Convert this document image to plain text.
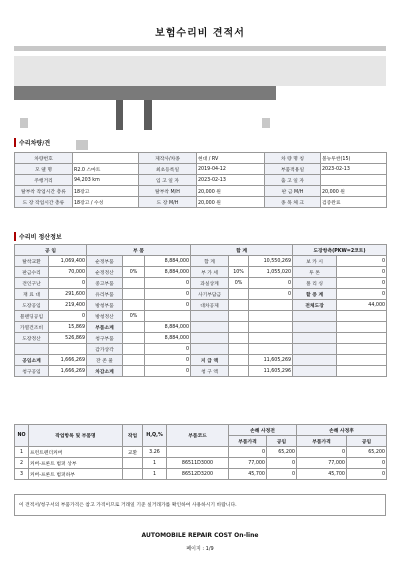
보험수리비 견적서
수리차량/견
차량번호		제작사/차종	현대 / RV	차 량 명 칭	볼뉴투싼(15)
모 델 명	R2.0 스마트	최초등록일	2019-04-12	부품적용일	2023-02-13
주행거리	94,203 km	입 고 일 자	2023-02-13	출 고 일 자	
탈부착 작업시간 총류	18장고	탈부착 M/H	20,000 원	판 금 M/H	20,000 원
도 장 작업시간 총류	18장고 / 수성	도 장 M/H	20,000 원	종 목 체 크	검증완료
수리비 정산정보
공 임		부 품			합 계			도장항측(PKW=2코트)	
탈착교환	1,069,400	순정부품		8,884,000	합 계		10,550,269	보 카 시	0
판금수리	70,000	순정정산	0%	8,884,000	부 가 세	10%	1,055,020	투 톤	0
견인구난	0	중고부품		0	과실상계	0%	0	폴 리 싱	0
재 료 대	291,600	유리부품		0	사기부담금		0	할 증 계	0
도장공임	219,400	방청부품		0	대차공제			전체도장	44,000
블랜딩공임	0	방청정산	0%						
가열건조비	15,869	부품소계		8,884,000					
도장정산	526,869	청구부품		8,884,000					
		감가상각		0					
공임소계	1,666,269	잔 존 물		0	지 급 액		11,605,269		
청구공임	1,666,269	차감소계		0	청 구 액		11,605,296		
NO	작업항목 및 부품명	작업	H,Q,%	부품코드	손해 사정전		손해 사정후	
					부품가격	공임	부품가격	공임
1	프런트펜더커버	교환	3.26		0	65,200	0	65,200
2	커버-프론트 범퍼 상부		1	86511D3000	77,000	0	77,000	0
3	커버-프론트 범퍼하부		1	86512D3200	45,700	0	45,700	0
이 견적서/청구서의 부품가격은 참고 가격이므로 거래일 기준 실거래가를 확인하여 사용하시기 바랍니다.
AUTOMOBILE REPAIR COST On-line
페이지 : 1/9
